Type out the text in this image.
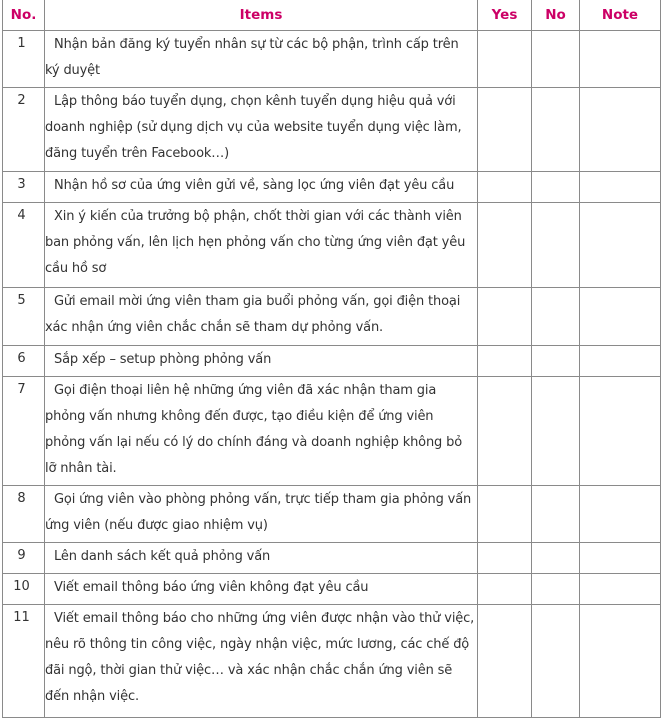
No.	Items	Yes	No	Note
1	Nhận bản đăng ký tuyển nhân sự từ các bộ phận, trình cấp trên ký duyệt			
2	Lập thông báo tuyển dụng, chọn kênh tuyển dụng hiệu quả với doanh nghiệp (sử dụng dịch vụ của website tuyển dụng việc làm, đăng tuyển trên Facebook…)			
3	Nhận hồ sơ của ứng viên gửi về, sàng lọc ứng viên đạt yêu cầu			
4	Xin ý kiến của trưởng bộ phận, chốt thời gian với các thành viên ban phỏng vấn, lên lịch hẹn phỏng vấn cho từng ứng viên đạt yêu cầu hồ sơ			
5	Gửi email mời ứng viên tham gia buổi phỏng vấn, gọi điện thoại xác nhận ứng viên chắc chắn sẽ tham dự phỏng vấn.			
6	Sắp xếp – setup phòng phỏng vấn			
7	Gọi điện thoại liên hệ những ứng viên đã xác nhận tham gia phỏng vấn nhưng không đến được, tạo điều kiện để ứng viên phỏng vấn lại nếu có lý do chính đáng và doanh nghiệp không bỏ lỡ nhân tài.			
8	Gọi ứng viên vào phòng phỏng vấn, trực tiếp tham gia phỏng vấn ứng viên (nếu được giao nhiệm vụ)			
9	Lên danh sách kết quả phỏng vấn			
10	Viết email thông báo ứng viên không đạt yêu cầu			
11	Viết email thông báo cho những ứng viên được nhận vào thử việc, nêu rõ thông tin công việc, ngày nhận việc, mức lương, các chế độ đãi ngộ, thời gian thử việc… và xác nhận chắc chắn ứng viên sẽ đến nhận việc.			
